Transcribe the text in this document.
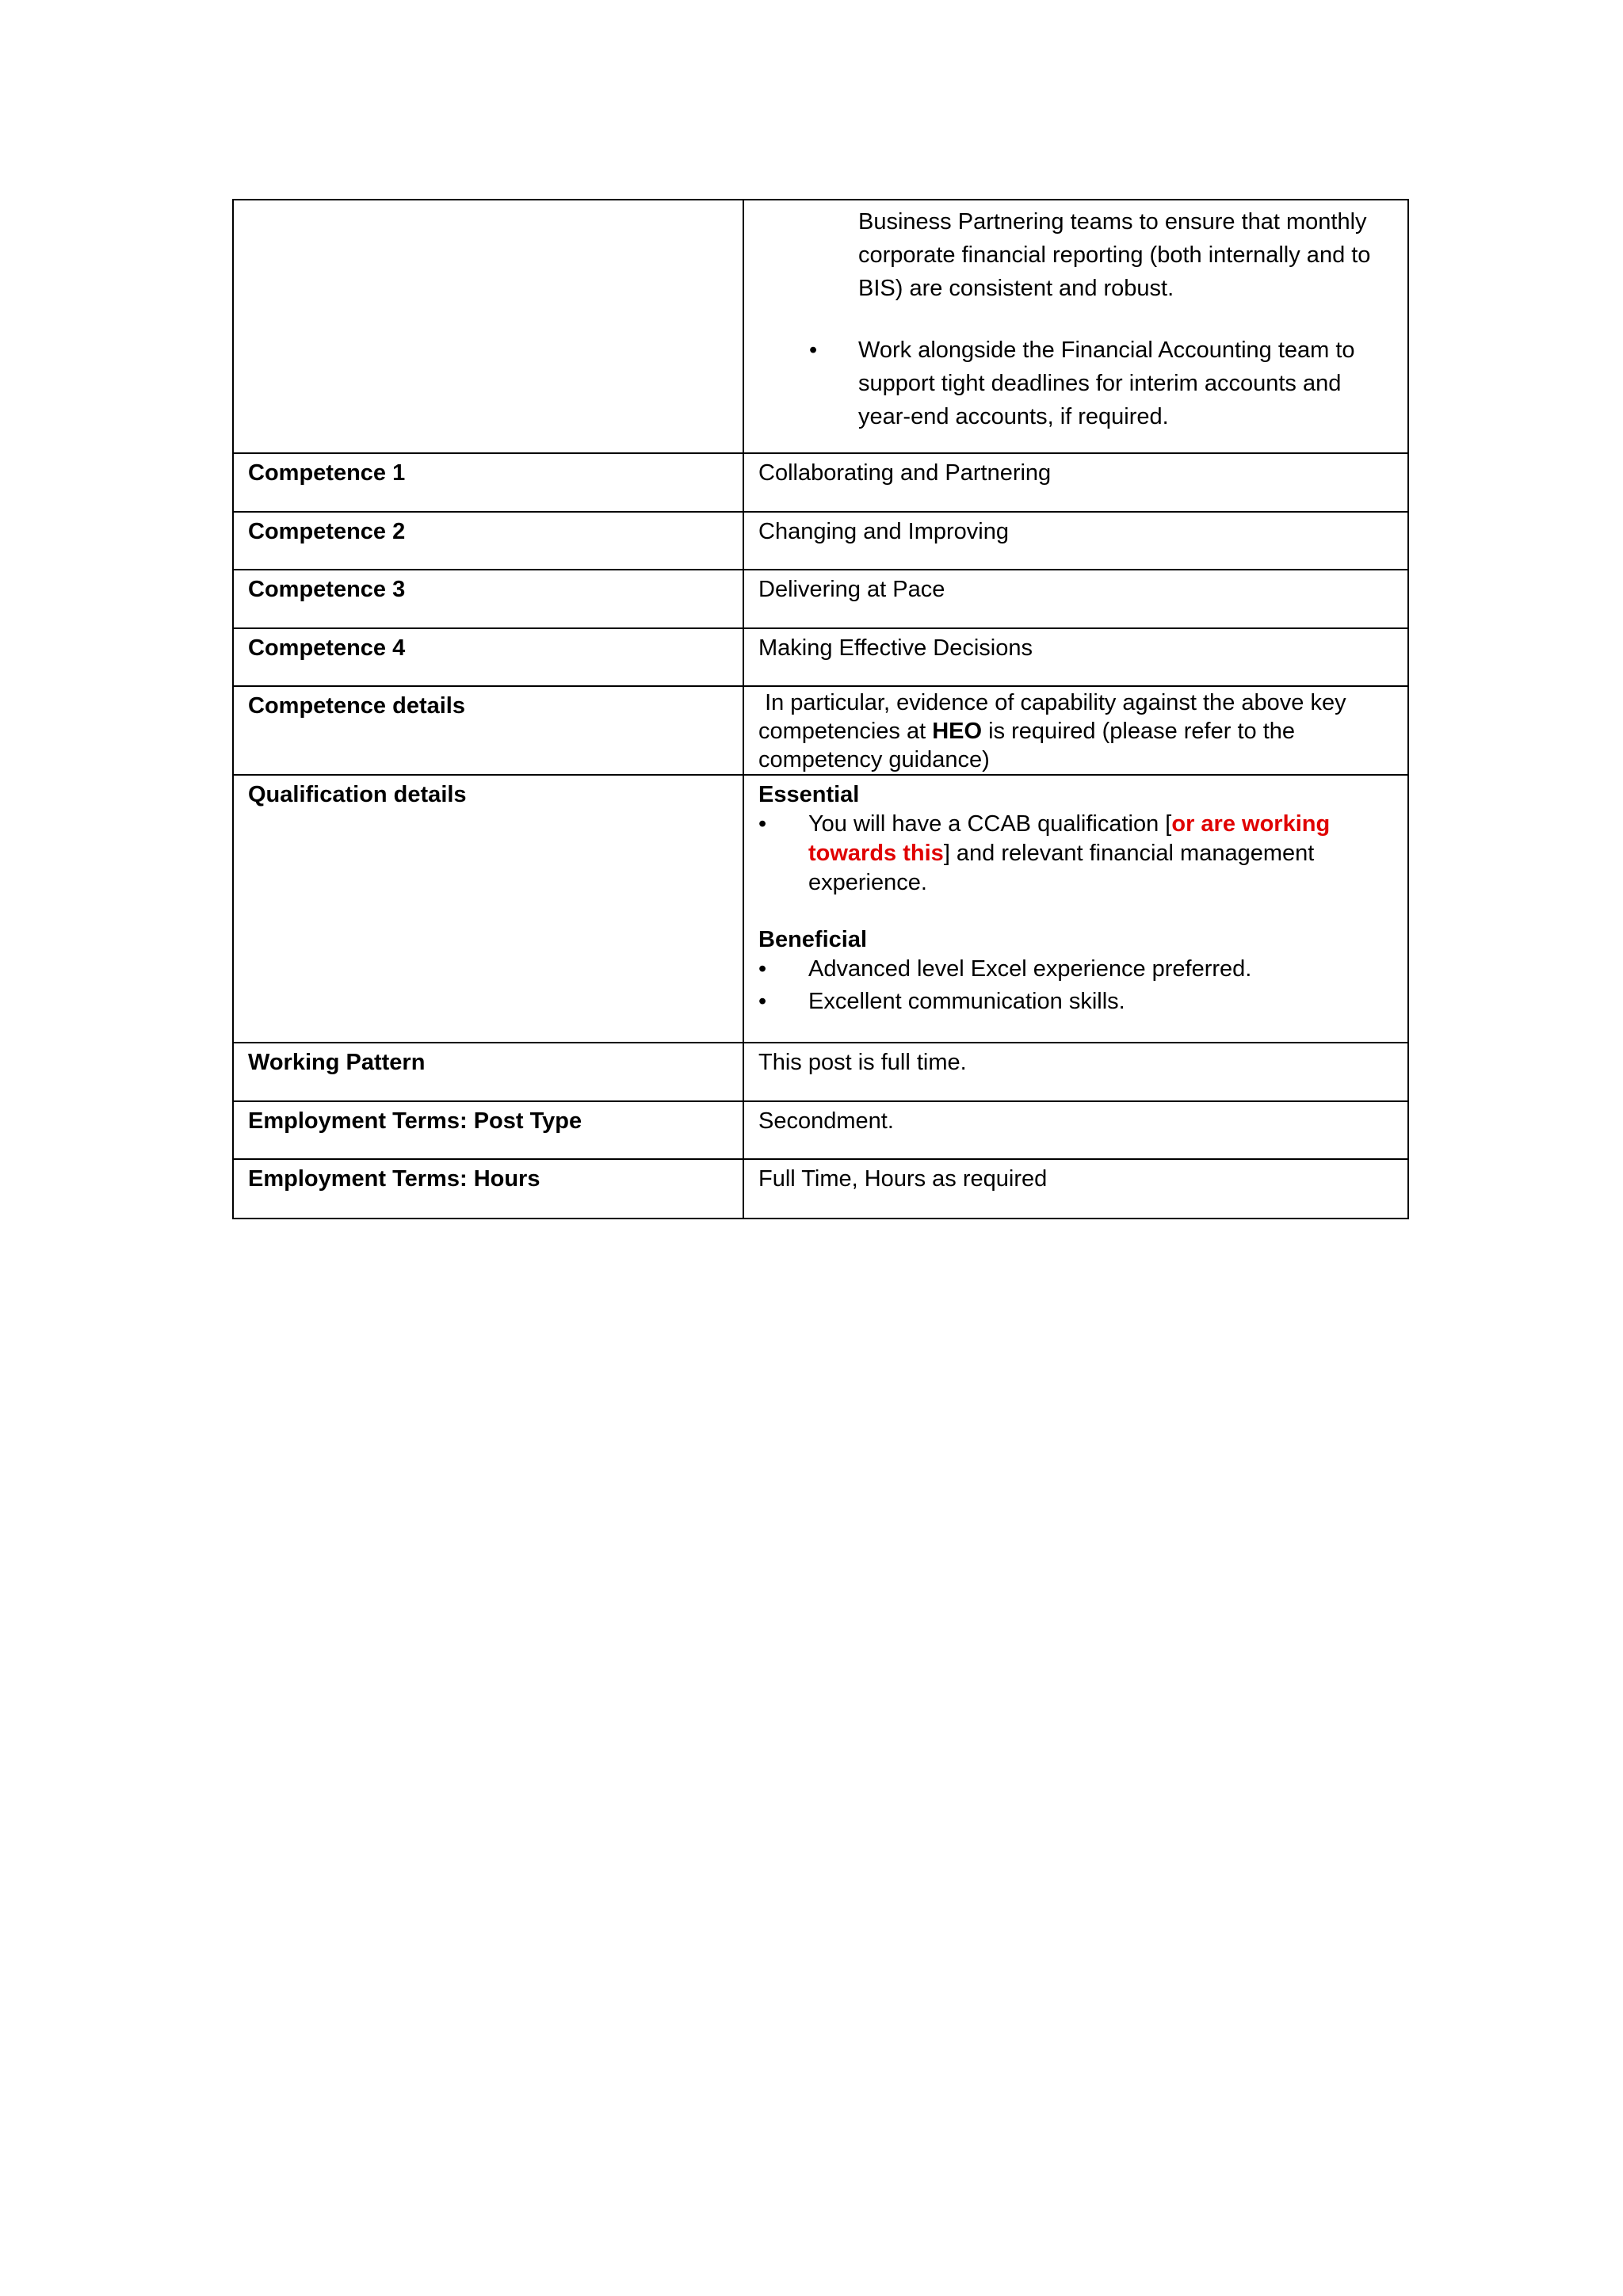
	Business Partnering teams to ensure that monthly corporate financial reporting (both internally and to BIS) are consistent and robust.
• Work alongside the Financial Accounting team to support tight deadlines for interim accounts and year-end accounts, if required.

Competence 1	Collaborating and Partnering
Competence 2	Changing and Improving
Competence 3	Delivering at Pace
Competence 4	Making Effective Decisions
Competence details	In particular, evidence of capability against the above key competencies at HEO is required (please refer to the competency guidance)
Qualification details	Essential
• You will have a CCAB qualification [or are working towards this] and relevant financial management experience.
Beneficial
• Advanced level Excel experience preferred.
• Excellent communication skills.

Working Pattern	This post is full time.
Employment Terms: Post Type	Secondment.
Employment Terms: Hours	Full Time, Hours as required
